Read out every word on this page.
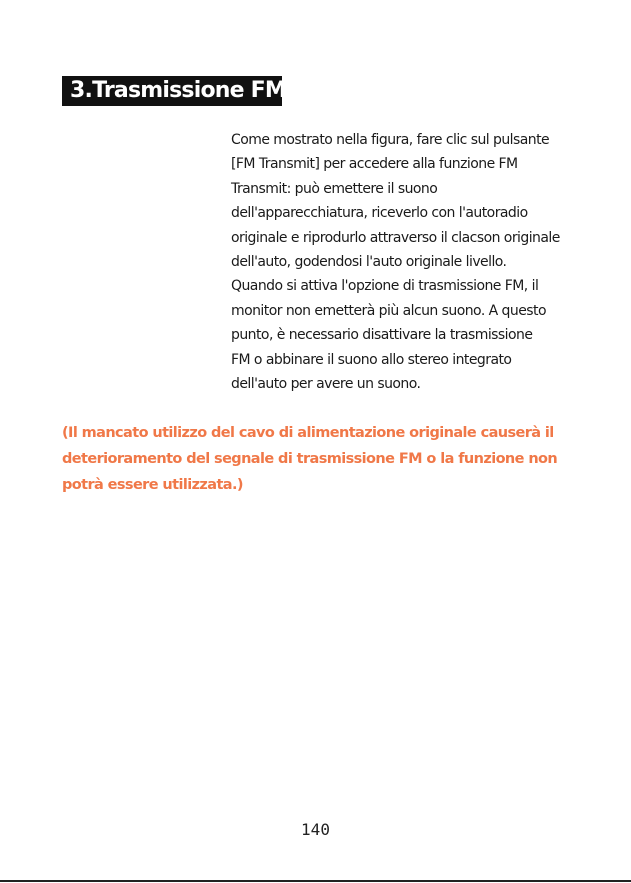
3.Trasmissione FM
Come mostrato nella figura, fare clic sul pulsante
[FM Transmit] per accedere alla funzione FM
Transmit: può emettere il suono
dell'apparecchiatura, riceverlo con l'autoradio
originale e riprodurlo attraverso il clacson originale
dell'auto, godendosi l'auto originale livello.
Quando si attiva l'opzione di trasmissione FM, il
monitor non emetterà più alcun suono. A questo
punto, è necessario disattivare la trasmissione
FM o abbinare il suono allo stereo integrato
dell'auto per avere un suono.
(Il mancato utilizzo del cavo di alimentazione originale causerà il
deterioramento del segnale di trasmissione FM o la funzione non
potrà essere utilizzata.)
140
